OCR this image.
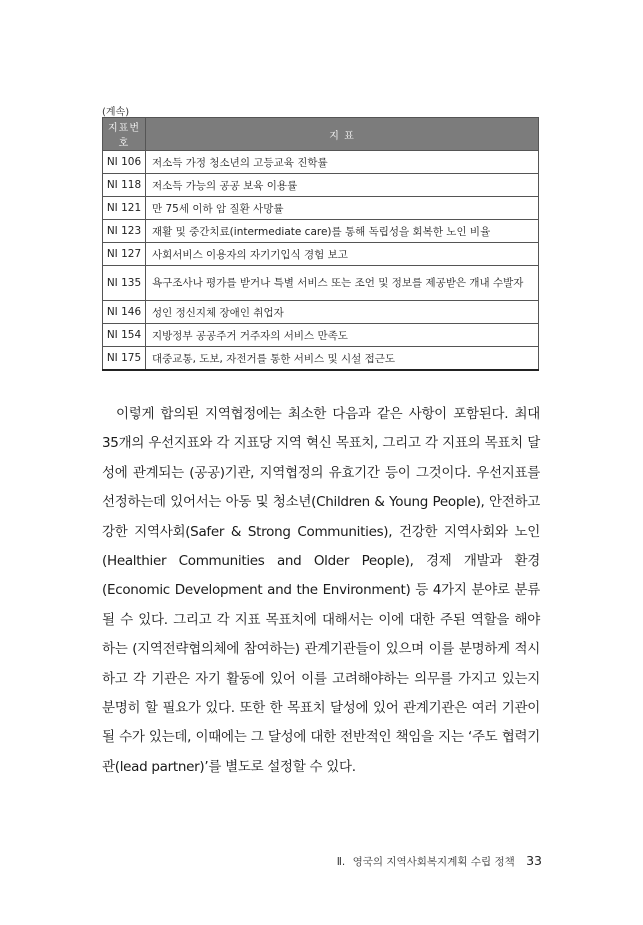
(계속)
지표번호	지 표
NI 106	저소득 가정 청소년의 고등교육 진학률
NI 118	저소득 가능의 공공 보육 이용률
NI 121	만 75세 이하 암 질환 사망률
NI 123	재활 및 중간치료(intermediate care)를 통해 독립성을 회복한 노인 비율
NI 127	사회서비스 이용자의 자기기입식 경험 보고
NI 135	욕구조사나 평가를 받거나 특별 서비스 또는 조언 및 정보를 제공받은 개내 수발자
NI 146	성인 정신지체 장애인 취업자
NI 154	지방정부 공공주거 거주자의 서비스 만족도
NI 175	대중교통, 도보, 자전거를 통한 서비스 및 시설 접근도

이렇게 합의된 지역협정에는 최소한 다음과 같은 사항이 포함된다. 최대 35개의 우선지표와 각 지표당 지역 혁신 목표치, 그리고 각 지표의 목표치 달성에 관계되는 (공공)기관, 지역협정의 유효기간 등이 그것이다. 우선지표를 선정하는데 있어서는 아동 및 청소년(Children & Young People), 안전하고 강한 지역사회(Safer & Strong Communities), 건강한 지역사회와 노인(Healthier Communities and Older People), 경제 개발과 환경(Economic Development and the Environment) 등 4가지 분야로 분류될 수 있다. 그리고 각 지표 목표치에 대해서는 이에 대한 주된 역할을 해야 하는 (지역전략협의체에 참여하는) 관계기관들이 있으며 이를 분명하게 적시하고 각 기관은 자기 활동에 있어 이를 고려해야하는 의무를 가지고 있는지 분명히 할 필요가 있다. 또한 한 목표치 달성에 있어 관계기관은 여러 기관이 될 수가 있는데, 이때에는 그 달성에 대한 전반적인 책임을 지는 ‘주도 협력기관(lead partner)’를 별도로 설정할 수 있다.

Ⅱ. 영국의 지역사회복지계획 수립 정책 33
